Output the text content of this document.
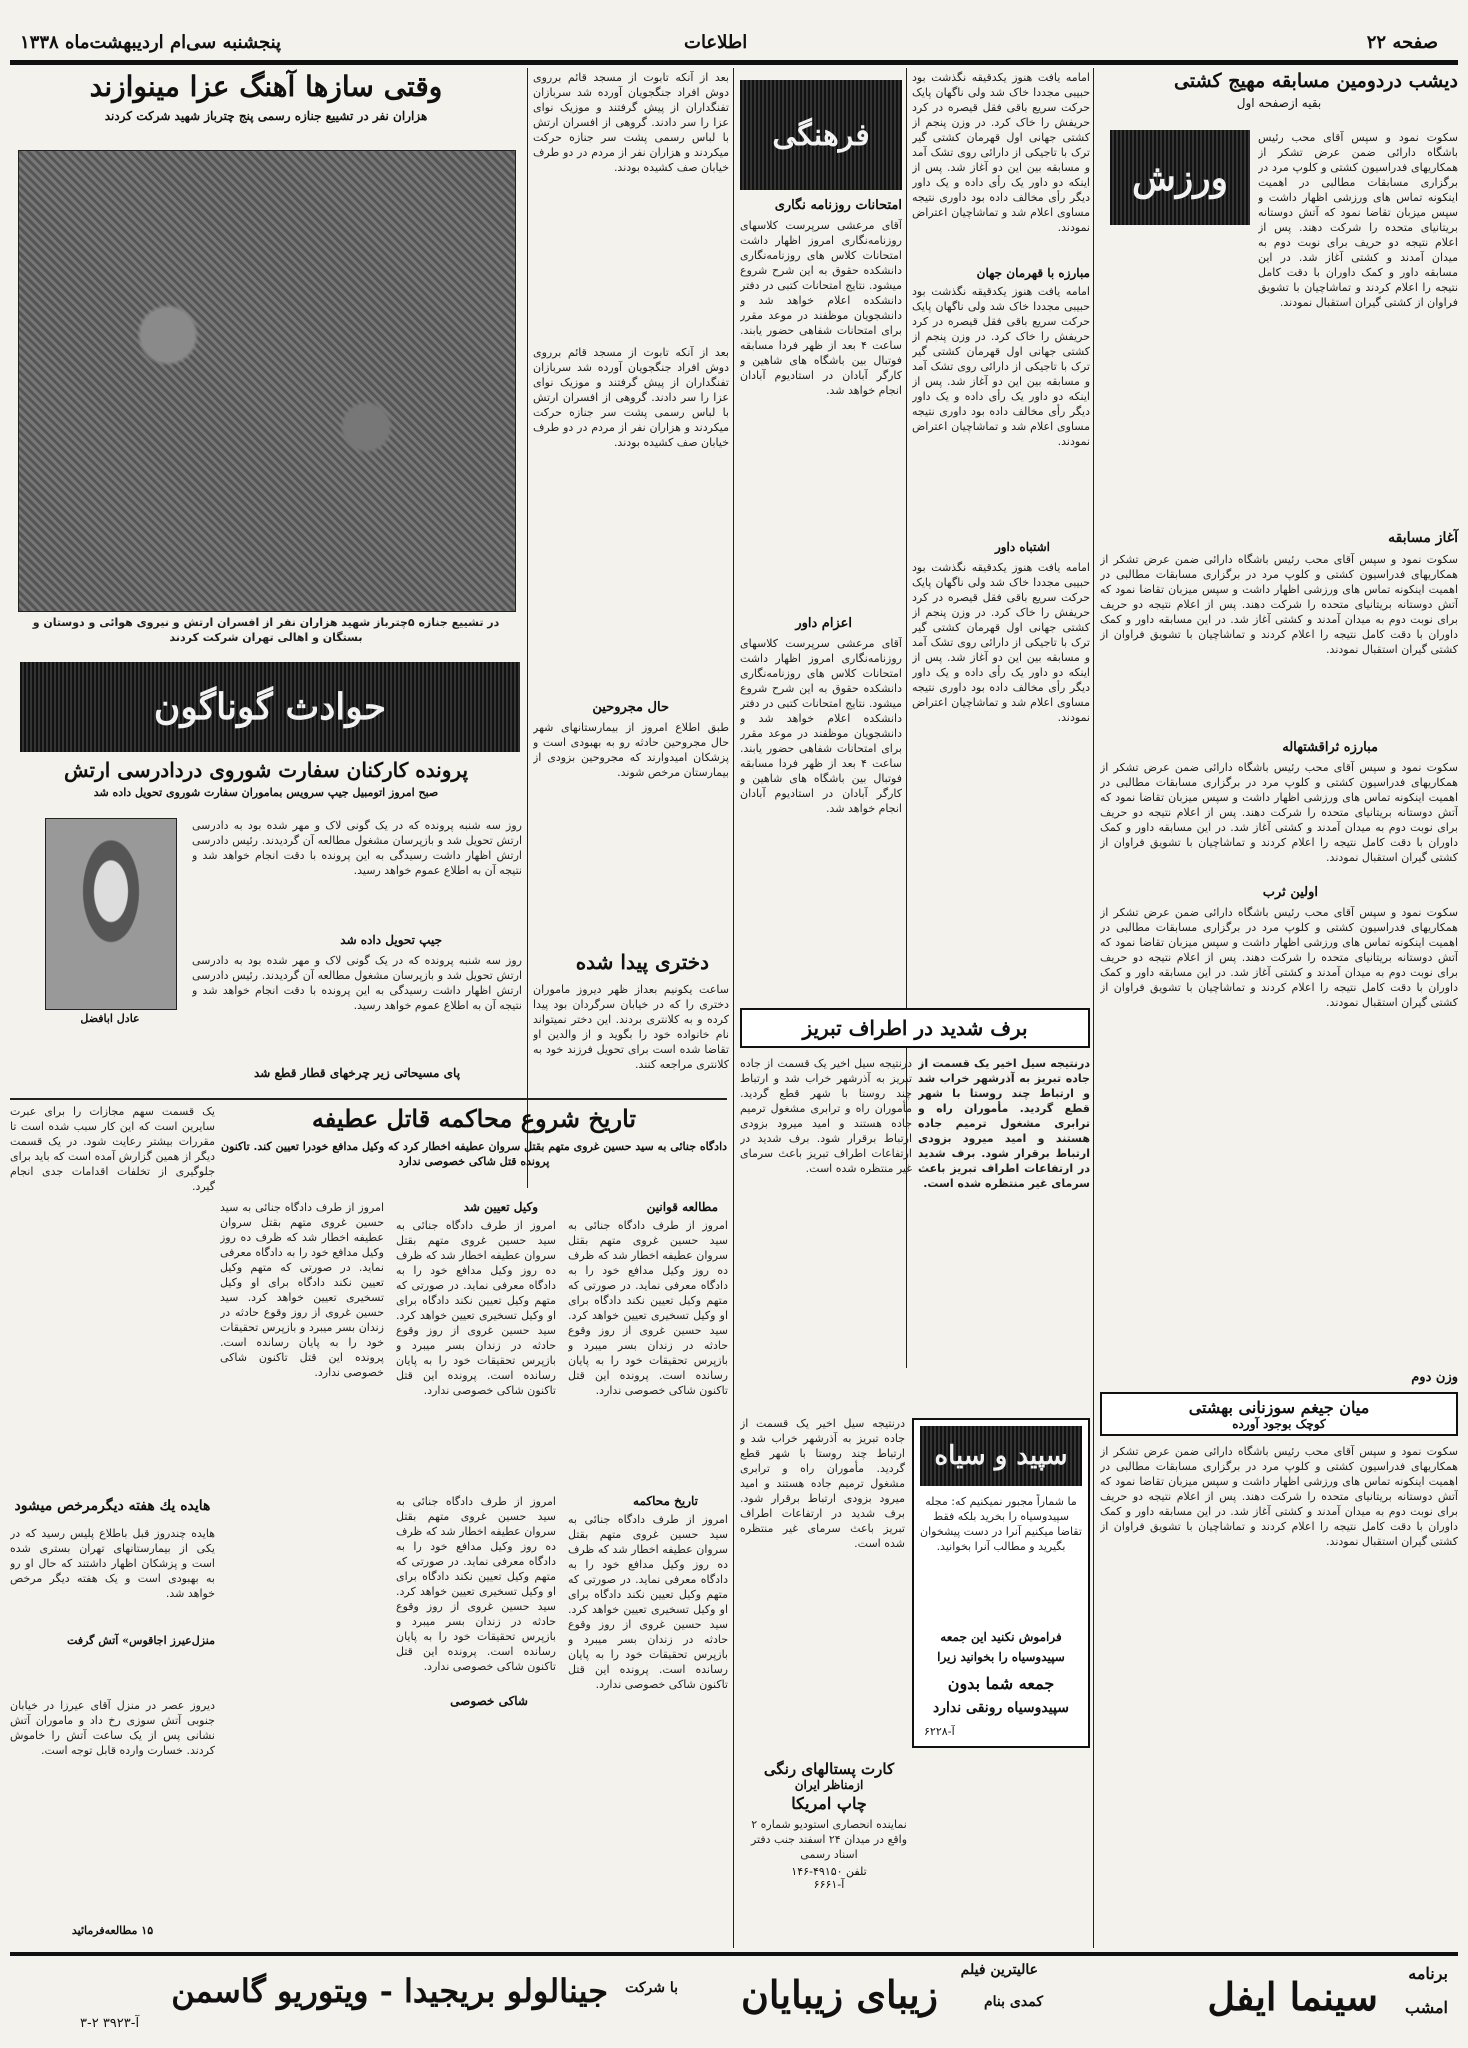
صفحه ۲۲
اطلاعات
پنجشنبه سی‌ام اردیبهشت‌ماه ۱۳۳۸
دیشب دردومین مسابقه مهیج کشتی
بقیه ازصفحه اول
ورزش
سکوت نمود و سپس آقای محب رئیس باشگاه دارائی ضمن عرض تشکر از همکاریهای فدراسیون کشتی و کلوپ مرد در برگزاری مسابقات مطالبی در اهمیت اینکونه تماس های ورزشی اظهار داشت و سپس میزبان تقاضا نمود که آتش دوستانه بریتانیای متحده را شرکت دهند. پس از اعلام نتیجه دو حریف برای نوبت دوم به میدان آمدند و کشتی آغاز شد. در این مسابقه داور و کمک داوران با دقت کامل نتیجه را اعلام کردند و تماشاچیان با تشویق فراوان از کشتی گیران استقبال نمودند.
آغاز مسابقه
سکوت نمود و سپس آقای محب رئیس باشگاه دارائی ضمن عرض تشکر از همکاریهای فدراسیون کشتی و کلوپ مرد در برگزاری مسابقات مطالبی در اهمیت اینکونه تماس های ورزشی اظهار داشت و سپس میزبان تقاضا نمود که آتش دوستانه بریتانیای متحده را شرکت دهند. پس از اعلام نتیجه دو حریف برای نوبت دوم به میدان آمدند و کشتی آغاز شد. در این مسابقه داور و کمک داوران با دقت کامل نتیجه را اعلام کردند و تماشاچیان با تشویق فراوان از کشتی گیران استقبال نمودند.
مبارزه ثراقشتهاله
سکوت نمود و سپس آقای محب رئیس باشگاه دارائی ضمن عرض تشکر از همکاریهای فدراسیون کشتی و کلوپ مرد در برگزاری مسابقات مطالبی در اهمیت اینکونه تماس های ورزشی اظهار داشت و سپس میزبان تقاضا نمود که آتش دوستانه بریتانیای متحده را شرکت دهند. پس از اعلام نتیجه دو حریف برای نوبت دوم به میدان آمدند و کشتی آغاز شد. در این مسابقه داور و کمک داوران با دقت کامل نتیجه را اعلام کردند و تماشاچیان با تشویق فراوان از کشتی گیران استقبال نمودند.
اولین ثرب
سکوت نمود و سپس آقای محب رئیس باشگاه دارائی ضمن عرض تشکر از همکاریهای فدراسیون کشتی و کلوپ مرد در برگزاری مسابقات مطالبی در اهمیت اینکونه تماس های ورزشی اظهار داشت و سپس میزبان تقاضا نمود که آتش دوستانه بریتانیای متحده را شرکت دهند. پس از اعلام نتیجه دو حریف برای نوبت دوم به میدان آمدند و کشتی آغاز شد. در این مسابقه داور و کمک داوران با دقت کامل نتیجه را اعلام کردند و تماشاچیان با تشویق فراوان از کشتی گیران استقبال نمودند.
وزن دوم
میان جیغم سوزنانی بهشتی
کوچک بوجود آورده
سکوت نمود و سپس آقای محب رئیس باشگاه دارائی ضمن عرض تشکر از همکاریهای فدراسیون کشتی و کلوپ مرد در برگزاری مسابقات مطالبی در اهمیت اینکونه تماس های ورزشی اظهار داشت و سپس میزبان تقاضا نمود که آتش دوستانه بریتانیای متحده را شرکت دهند. پس از اعلام نتیجه دو حریف برای نوبت دوم به میدان آمدند و کشتی آغاز شد. در این مسابقه داور و کمک داوران با دقت کامل نتیجه را اعلام کردند و تماشاچیان با تشویق فراوان از کشتی گیران استقبال نمودند.
امامه یافت هنوز یکدقیقه نگذشت بود حبیبی مجددا خاک شد ولی ناگهان پایک حرکت سریع باقی فقل قیصره در کرد حریفش را خاک کرد. در وزن پنجم از کشتی جهانی اول قهرمان کشتی گیر ترک با تاجیکی از دارائی روی تشک آمد و مسابقه بین این دو آغاز شد. پس از اینکه دو داور یک رأی داده و یک داور دیگر رأی مخالف داده بود داوری نتیجه مساوی اعلام شد و تماشاچیان اعتراض نمودند.
مبارزه با قهرمان جهان
امامه یافت هنوز یکدقیقه نگذشت بود حبیبی مجددا خاک شد ولی ناگهان پایک حرکت سریع باقی فقل قیصره در کرد حریفش را خاک کرد. در وزن پنجم از کشتی جهانی اول قهرمان کشتی گیر ترک با تاجیکی از دارائی روی تشک آمد و مسابقه بین این دو آغاز شد. پس از اینکه دو داور یک رأی داده و یک داور دیگر رأی مخالف داده بود داوری نتیجه مساوی اعلام شد و تماشاچیان اعتراض نمودند.
اشتباه داور
امامه یافت هنوز یکدقیقه نگذشت بود حبیبی مجددا خاک شد ولی ناگهان پایک حرکت سریع باقی فقل قیصره در کرد حریفش را خاک کرد. در وزن پنجم از کشتی جهانی اول قهرمان کشتی گیر ترک با تاجیکی از دارائی روی تشک آمد و مسابقه بین این دو آغاز شد. پس از اینکه دو داور یک رأی داده و یک داور دیگر رأی مخالف داده بود داوری نتیجه مساوی اعلام شد و تماشاچیان اعتراض نمودند.
فرهنگی
امتحانات روزنامه نگاری
آقای مرعشی سرپرست کلاسهای روزنامه‌نگاری امروز اظهار داشت امتحانات کلاس های روزنامه‌نگاری دانشکده حقوق به این شرح شروع میشود. نتایج امتحانات کتبی در دفتر دانشکده اعلام خواهد شد و دانشجویان موظفند در موعد مقرر برای امتحانات شفاهی حضور یابند. ساعت ۴ بعد از ظهر فردا مسابقه فوتبال بین باشگاه های شاهین و کارگر آبادان در استادیوم آبادان انجام خواهد شد.
اعزام داور
آقای مرعشی سرپرست کلاسهای روزنامه‌نگاری امروز اظهار داشت امتحانات کلاس های روزنامه‌نگاری دانشکده حقوق به این شرح شروع میشود. نتایج امتحانات کتبی در دفتر دانشکده اعلام خواهد شد و دانشجویان موظفند در موعد مقرر برای امتحانات شفاهی حضور یابند. ساعت ۴ بعد از ظهر فردا مسابقه فوتبال بین باشگاه های شاهین و کارگر آبادان در استادیوم آبادان انجام خواهد شد.
بعد از آنکه تابوت از مسجد قائم برروی دوش افراد جنگجویان آورده شد سربازان تفنگداران از پیش گرفتند و موزیک نوای عزا را سر دادند. گروهی از افسران ارتش با لباس رسمی پشت سر جنازه حرکت میکردند و هزاران نفر از مردم در دو طرف خیابان صف کشیده بودند.
بعد از آنکه تابوت از مسجد قائم برروی دوش افراد جنگجویان آورده شد سربازان تفنگداران از پیش گرفتند و موزیک نوای عزا را سر دادند. گروهی از افسران ارتش با لباس رسمی پشت سر جنازه حرکت میکردند و هزاران نفر از مردم در دو طرف خیابان صف کشیده بودند.
حال مجروحین
طبق اطلاع امروز از بیمارستانهای شهر حال مجروحین حادثه رو به بهبودی است و پزشکان امیدوارند که مجروحین بزودی از بیمارستان مرخص شوند.
دختری پیدا شده
ساعت یکونیم بعداز ظهر دیروز ماموران دختری را که در خیابان سرگردان بود پیدا کرده و به کلانتری بردند. این دختر نمیتواند نام خانواده خود را بگوید و از والدین او تقاضا شده است برای تحویل فرزند خود به کلانتری مراجعه کنند.
وقتی سازها آهنگ عزا مینوازند
هزاران نفر در تشییع جنازه رسمی پنج چترباز شهید شرکت کردند
در تشییع جنازه ۵چترباز شهید هزاران نفر از افسران ارتش و نیروی هوائی و دوستان و بستگان و اهالی تهران شرکت کردند
حوادث گوناگون
پرونده کارکنان سفارت شوروی دردادرسی ارتش
صبح امروز اتومبیل جیپ سرویس بماموران سفارت شوروی تحویل داده شد
عادل ابافضل
روز سه شنبه پرونده که در یک گونی لاک و مهر شده بود به دادرسی ارتش تحویل شد و بازپرسان مشغول مطالعه آن گردیدند. رئیس دادرسی ارتش اظهار داشت رسیدگی به این پرونده با دقت انجام خواهد شد و نتیجه آن به اطلاع عموم خواهد رسید.
جیپ تحویل داده شد
روز سه شنبه پرونده که در یک گونی لاک و مهر شده بود به دادرسی ارتش تحویل شد و بازپرسان مشغول مطالعه آن گردیدند. رئیس دادرسی ارتش اظهار داشت رسیدگی به این پرونده با دقت انجام خواهد شد و نتیجه آن به اطلاع عموم خواهد رسید.
پای مسیحاتی زیر چرخهای قطار قطع شد
یک قسمت سهم مجازات را برای عبرت سایرین است که این کار سبب شده است تا مقررات بیشتر رعایت شود. در یک قسمت دیگر از همین گزارش آمده است که باید برای جلوگیری از تخلفات اقدامات جدی انجام گیرد.
منزل‌عیرز اجاقوس» آتش گرفت
تاریخ شروع محاکمه قاتل عطیفه
دادگاه جنائی به سید حسین غروی متهم بقتل سروان عطیفه اخطار کرد که وکیل مدافع خودرا تعیین کند. تاکنون پرونده قتل شاکی خصوصی ندارد
مطالعه قوانین
امروز از طرف دادگاه جنائی به سید حسین غروی متهم بقتل سروان عطیفه اخطار شد که ظرف ده روز وکیل مدافع خود را به دادگاه معرفی نماید. در صورتی که متهم وکیل تعیین نکند دادگاه برای او وکیل تسخیری تعیین خواهد کرد. سید حسین غروی از روز وقوع حادثه در زندان بسر میبرد و بازپرس تحقیقات خود را به پایان رسانده است. پرونده این قتل تاکنون شاکی خصوصی ندارد.
وکیل تعیین شد
امروز از طرف دادگاه جنائی به سید حسین غروی متهم بقتل سروان عطیفه اخطار شد که ظرف ده روز وکیل مدافع خود را به دادگاه معرفی نماید. در صورتی که متهم وکیل تعیین نکند دادگاه برای او وکیل تسخیری تعیین خواهد کرد. سید حسین غروی از روز وقوع حادثه در زندان بسر میبرد و بازپرس تحقیقات خود را به پایان رسانده است. پرونده این قتل تاکنون شاکی خصوصی ندارد.
امروز از طرف دادگاه جنائی به سید حسین غروی متهم بقتل سروان عطیفه اخطار شد که ظرف ده روز وکیل مدافع خود را به دادگاه معرفی نماید. در صورتی که متهم وکیل تعیین نکند دادگاه برای او وکیل تسخیری تعیین خواهد کرد. سید حسین غروی از روز وقوع حادثه در زندان بسر میبرد و بازپرس تحقیقات خود را به پایان رسانده است. پرونده این قتل تاکنون شاکی خصوصی ندارد.
تاریخ محاکمه
امروز از طرف دادگاه جنائی به سید حسین غروی متهم بقتل سروان عطیفه اخطار شد که ظرف ده روز وکیل مدافع خود را به دادگاه معرفی نماید. در صورتی که متهم وکیل تعیین نکند دادگاه برای او وکیل تسخیری تعیین خواهد کرد. سید حسین غروی از روز وقوع حادثه در زندان بسر میبرد و بازپرس تحقیقات خود را به پایان رسانده است. پرونده این قتل تاکنون شاکی خصوصی ندارد.
شاکی خصوصی
امروز از طرف دادگاه جنائی به سید حسین غروی متهم بقتل سروان عطیفه اخطار شد که ظرف ده روز وکیل مدافع خود را به دادگاه معرفی نماید. در صورتی که متهم وکیل تعیین نکند دادگاه برای او وکیل تسخیری تعیین خواهد کرد. سید حسین غروی از روز وقوع حادثه در زندان بسر میبرد و بازپرس تحقیقات خود را به پایان رسانده است. پرونده این قتل تاکنون شاکی خصوصی ندارد.
هایده یك هفته دیگرمرخص میشود
هایده چندروز قبل باطلاع پلیس رسید که در یکی از بیمارستانهای تهران بستری شده است و پزشکان اظهار داشتند که حال او رو به بهبودی است و یک هفته دیگر مرخص خواهد شد.
دیروز عصر در منزل آقای عیرزا در خیابان جنوبی آتش سوزی رخ داد و ماموران آتش نشانی پس از یک ساعت آتش را خاموش کردند. خسارت وارده قابل توجه است.
۱۵ مطالعه‌فرمائید
برف شدید در اطراف تبریز
درنتیجه سیل اخیر یک قسمت از جاده تبریز به آذرشهر خراب شد و ارتباط چند روستا با شهر قطع گردید. مأموران راه و ترابری مشغول ترمیم جاده هستند و امید میرود بزودی ارتباط برقرار شود. برف شدید در ارتفاعات اطراف تبریز باعث سرمای غیر منتظره شده است.
درنتیجه سیل اخیر یک قسمت از جاده تبریز به آذرشهر خراب شد و ارتباط چند روستا با شهر قطع گردید. مأموران راه و ترابری مشغول ترمیم جاده هستند و امید میرود بزودی ارتباط برقرار شود. برف شدید در ارتفاعات اطراف تبریز باعث سرمای غیر منتظره شده است.
سپید و سیاه
ما شماراً مجبور نمیکنیم که: مجله سپیدوسیاه را بخرید بلکه فقط تقاضا میکنیم آنرا در دست پیشخوان بگیرید و مطالب آنرا بخوانید.
فراموش نکنید این جمعه
سپیدوسیاه را بخوانید زیرا
جمعه شما بدون
سپیدوسیاه رونقی ندارد
آ-۶۲۲۸
کارت پستالهای رنگی
ازمناظر ایران
چاپ امریکا
نماینده انحصاری استودیو شماره ۲ واقع در میدان ۲۴ اسفند جنب دفتر اسناد رسمی
تلفن ۴۹۱۵۰-۱۴۶
آ-۶۶۶۱
درنتیجه سیل اخیر یک قسمت از جاده تبریز به آذرشهر خراب شد و ارتباط چند روستا با شهر قطع گردید. مأموران راه و ترابری مشغول ترمیم جاده هستند و امید میرود بزودی ارتباط برقرار شود. برف شدید در ارتفاعات اطراف تبریز باعث سرمای غیر منتظره شده است.
برنامه
امشب
سینما ایفل
عالیترین فیلم
کمدی بنام
زیبای زیبایان
با شرکت
جینالولو بریجیدا - ویتوریو گاسمن
آ-۳۹۲۳ ۲-۳
